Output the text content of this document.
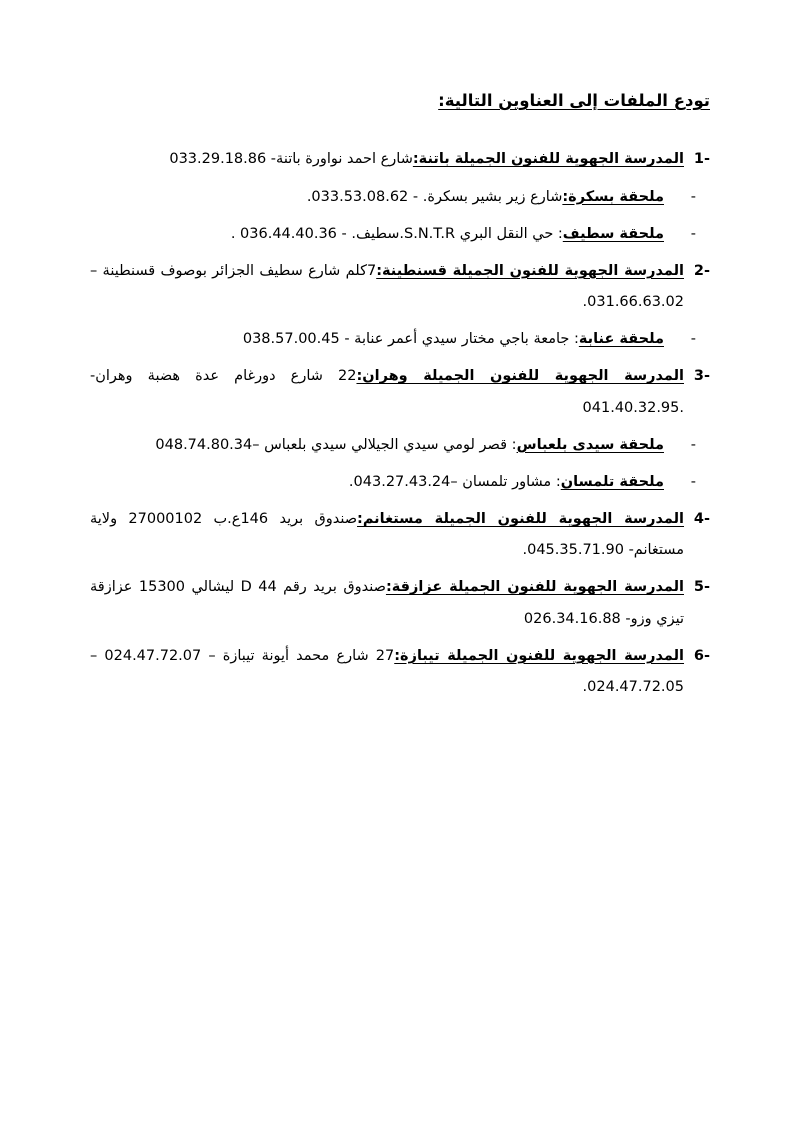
تودع الملفات إلى العناوين التالية:

-1
المدرسة الجهوية للفنون الجميلة باتنة:شارع احمد نواورة باتنة- 033.29.18.86

-
ملحقة بسكرة:شارع زير بشير بسكرة. - 033.53.08.62.

-
ملحقة سطيف: حي النقل البري S.N.T.R.سطيف. - 036.44.40.36 .

-2
المدرسة الجهوية للفنون الجميلة قسنطينة:7كلم شارع سطيف الجزائر بوصوف قسنطينة –031.66.63.02.

-
ملحقة عنابة: جامعة باجي مختار سيدي أعمر عنابة - 038.57.00.45

-3
المدرسة الجهوية للفنون الجميلة وهران:22 شارع دورغام عدة هضبة وهران- .041.40.32.95

-
ملحقة سيدى بلعباس: قصر لومي سيدي الجيلالي سيدي بلعباس –048.74.80.34

-
ملحقة تلمسان: مشاور تلمسان –043.27.43.24.

-4
المدرسة الجهوية للفنون الجميلة مستغانم:صندوق بريد 146ع.ب 27000102 ولاية مستغانم- 045.35.71.90.

-5
المدرسة الجهوية للفنون الجميلة عزازقة:صندوق بريد رقم D 44 ليشالي 15300 عزازقة تيزي وزو- 026.34.16.88

-6
المدرسة الجهوية للفنون الجميلة تيبازة:27 شارع محمد أيونة تيبازة – 024.47.72.07 –024.47.72.05.
